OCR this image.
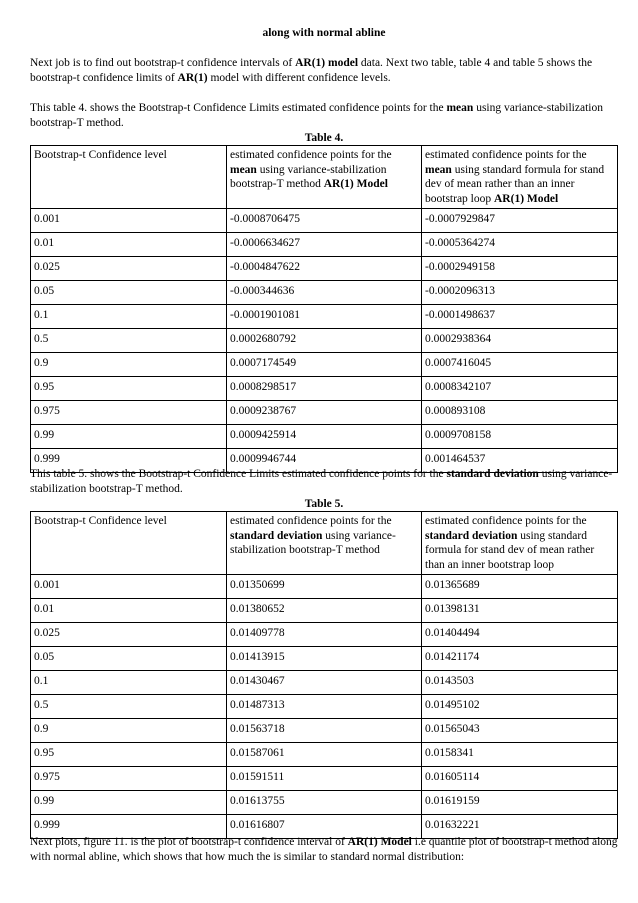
along with normal abline

Next job is to find out bootstrap-t confidence intervals of AR(1) model data. Next two table, table 4 and table 5 shows the bootstrap-t confidence limits of AR(1) model with different confidence levels.

This table 4. shows the Bootstrap-t Confidence Limits estimated confidence points for the mean using variance-stabilization bootstrap-T method.

Table 4.
Bootstrap-t Confidence level	estimated confidence points for the mean using variance-stabilization bootstrap-T method AR(1) Model	estimated confidence points for the mean using standard formula for stand dev of mean rather than an inner bootstrap loop AR(1) Model
0.001	-0.0008706475	-0.0007929847
0.01	-0.0006634627	-0.0005364274
0.025	-0.0004847622	-0.0002949158
0.05	-0.000344636	-0.0002096313
0.1	-0.0001901081	-0.0001498637
0.5	0.0002680792	0.0002938364
0.9	0.0007174549	0.0007416045
0.95	0.0008298517	0.0008342107
0.975	0.0009238767	0.000893108
0.99	0.0009425914	0.0009708158
0.999	0.0009946744	0.001464537

This table 5. shows the Bootstrap-t Confidence Limits estimated confidence points for the standard deviation using variance-stabilization bootstrap-T method.

Table 5.
Bootstrap-t Confidence level	estimated confidence points for the standard deviation using variance-stabilization bootstrap-T method	estimated confidence points for the standard deviation using standard formula for stand dev of mean rather than an inner bootstrap loop
0.001	0.01350699	0.01365689
0.01	0.01380652	0.01398131
0.025	0.01409778	0.01404494
0.05	0.01413915	0.01421174
0.1	0.01430467	0.0143503
0.5	0.01487313	0.01495102
0.9	0.01563718	0.01565043
0.95	0.01587061	0.0158341
0.975	0.01591511	0.01605114
0.99	0.01613755	0.01619159
0.999	0.01616807	0.01632221

Next plots, figure 11. is the plot of bootstrap-t confidence interval of AR(1) Model i.e quantile plot of bootstrap-t method along with normal abline, which shows that how much the is similar to standard normal distribution:
